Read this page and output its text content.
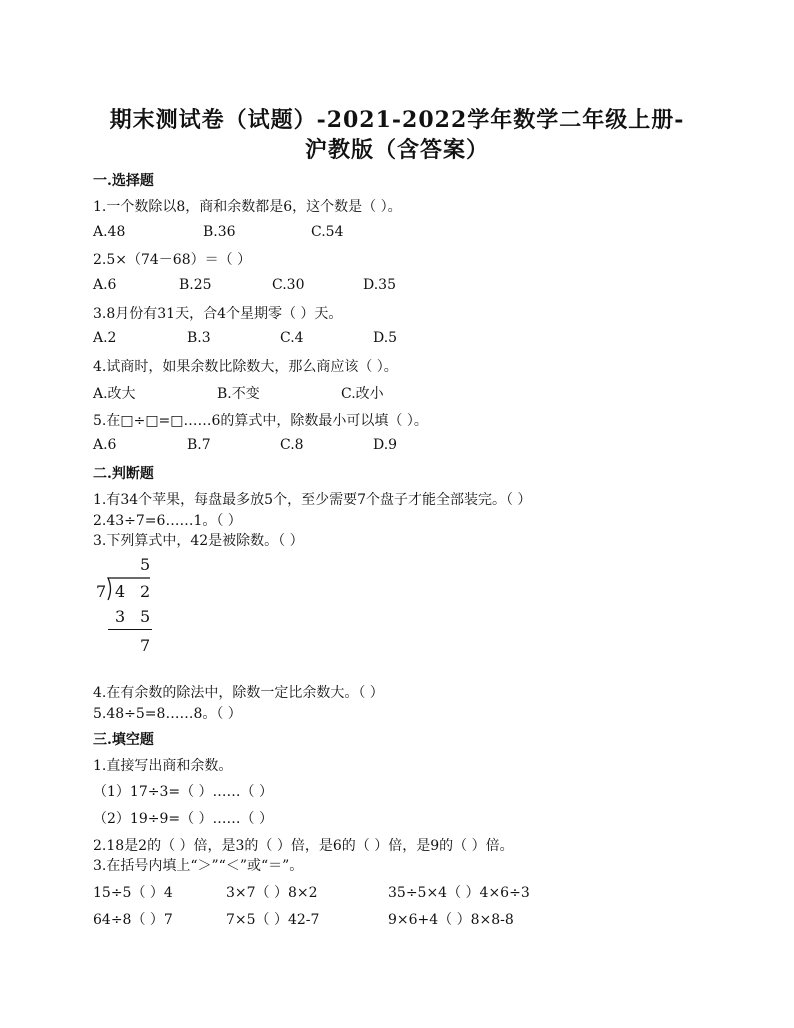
期末测试卷（试题）-2021-2022学年数学二年级上册-
沪教版（含答案）
一.选择题
1.一个数除以8，商和余数都是6，这个数是（ ）。
A.48	B.36	C.54
2.5×（74－68）＝（ ）
A.6	B.25	C.30	D.35
3.8月份有31天，合4个星期零（ ）天。
A.2	B.3	C.4	D.5
4.试商时，如果余数比除数大，那么商应该（ ）。
A.改大	B.不变	C.改小
5.在□÷□=□……6的算式中，除数最小可以填（ ）。
A.6	B.7	C.8	D.9
二.判断题
1.有34个苹果，每盘最多放5个，至少需要7个盘子才能全部装完。（ ）
2.43÷7=6……1。（ ）
3.下列算式中，42是被除数。（ ）
5
7 4 2
3 5
7
4.在有余数的除法中，除数一定比余数大。（ ）
5.48÷5=8……8。（ ）
三.填空题
1.直接写出商和余数。
（1）17÷3=（ ）……（ ）
（2）19÷9=（ ）……（ ）
2.18是2的（ ）倍，是3的（ ）倍，是6的（ ）倍，是9的（ ）倍。
3.在括号内填上“＞”“＜”或“＝”。
15÷5（ ）4	3×7（ ）8×2	35÷5×4（ ）4×6÷3
64÷8（ ）7	7×5（ ）42-7	9×6+4（ ）8×8-8
